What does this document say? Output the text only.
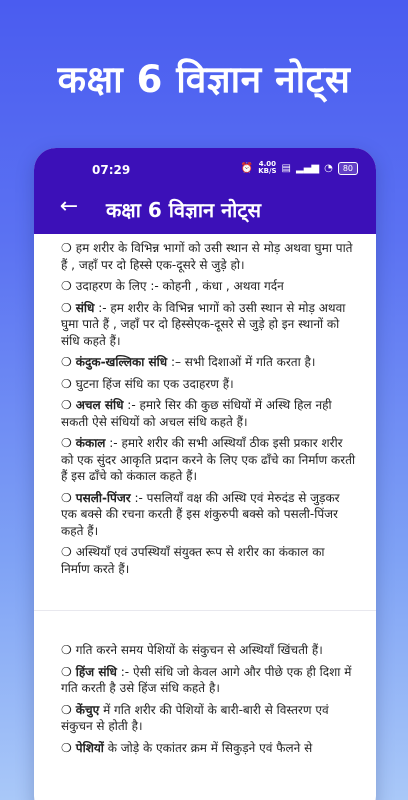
कक्षा 6 विज्ञान नोट्स
07:29	⏰ 4.00
KB/S ▤ ▂▄▆ ◔	80
← कक्षा 6 विज्ञान नोट्स
❍ हम शरीर के विभिन्न भागों को उसी स्थान से मोड़ अथवा घुमा पाते हैं , जहाँ पर दो हिस्से एक-दूसरे से जुड़े हो।
❍ उदाहरण के लिए :- कोहनी , कंधा , अथवा गर्दन
❍ संधि :- हम शरीर के विभिन्न भागों को उसी स्थान से मोड़ अथवा घुमा पाते हैं , जहाँ पर दो हिस्सेएक-दूसरे से जुड़े हो इन स्थानों को संधि कहते हैं।
❍ कंदुक-खल्लिका संधि :– सभी दिशाओं में गति करता है।
❍ घुटना हिंज संधि का एक उदाहरण हैं।
❍ अचल संधि :- हमारे सिर की कुछ संधियों में अस्थि हिल नही सकती ऐसे संधियों को अचल संधि कहते हैं।
❍ कंकाल :- हमारे शरीर की सभी अस्थियाँ ठीक इसी प्रकार शरीर को एक सुंदर आकृति प्रदान करने के लिए एक ढाँचे का निर्माण करती हैं इस ढाँचे को कंकाल कहते हैं।
❍ पसली-पिंजर :- पसलियाँ वक्ष की अस्थि एवं मेरुदंड से जुड़कर एक बक्से की रचना करती हैं इस शंकुरुपी बक्से को पसली-पिंजर कहते हैं।
❍ अस्थियाँ एवं उपस्थियाँ संयुक्त रूप से शरीर का कंकाल का निर्माण करते हैं।
❍ गति करने समय पेशियों के संकुचन से अस्थियाँ खिंचती हैं।
❍ हिंज संधि :- ऐसी संधि जो केवल आगे और पीछे एक ही दिशा में गति करती है उसे हिंज संधि कहते है।
❍ केंचुए में गति शरीर की पेशियों के बारी-बारी से विस्तरण एवं संकुचन से होती है।
❍ पेशियों के जोड़े के एकांतर क्रम में सिकुड़ने एवं फैलने से
